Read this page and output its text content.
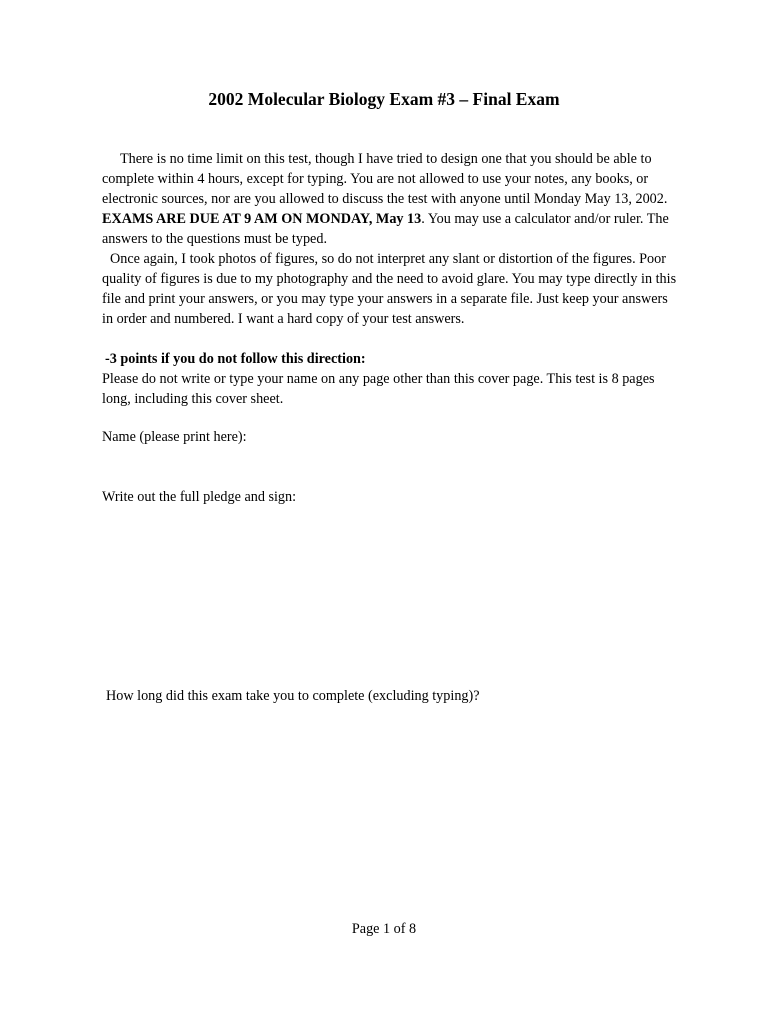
2002 Molecular Biology Exam #3 – Final Exam

There is no time limit on this test, though I have tried to design one that you should be able to complete within 4 hours, except for typing. You are not allowed to use your notes, any books, or electronic sources, nor are you allowed to discuss the test with anyone until Monday May 13, 2002. EXAMS ARE DUE AT 9 AM ON MONDAY, May 13. You may use a calculator and/or ruler. The answers to the questions must be typed.

Once again, I took photos of figures, so do not interpret any slant or distortion of the figures. Poor quality of figures is due to my photography and the need to avoid glare. You may type directly in this file and print your answers, or you may type your answers in a separate file. Just keep your answers in order and numbered. I want a hard copy of your test answers.

-3 points if you do not follow this direction:

Please do not write or type your name on any page other than this cover page. This test is 8 pages long, including this cover sheet.

Name (please print here):

Write out the full pledge and sign:

How long did this exam take you to complete (excluding typing)?

Page 1 of 8
